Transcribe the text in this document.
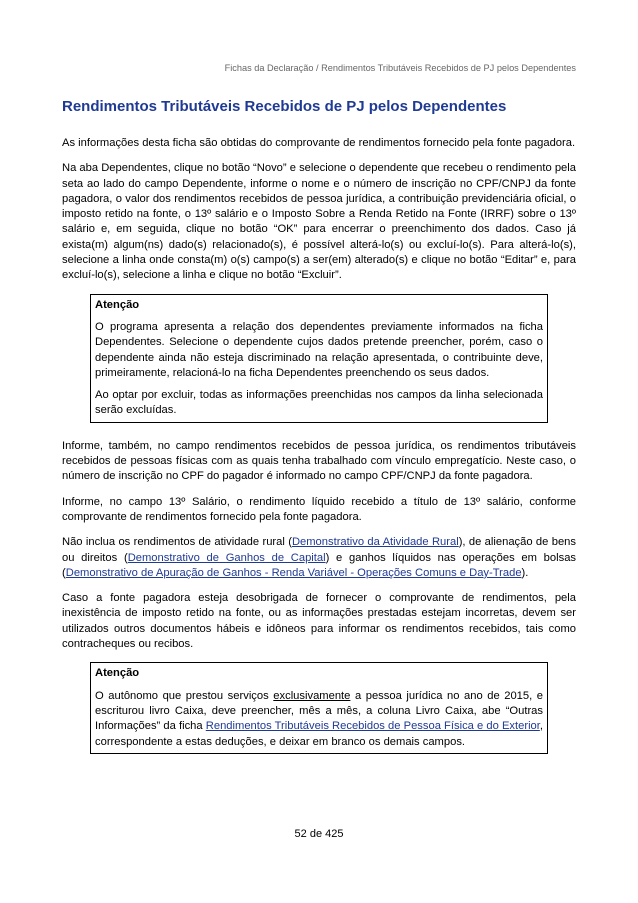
Fichas da Declaração / Rendimentos Tributáveis Recebidos de PJ pelos Dependentes
Rendimentos Tributáveis Recebidos de PJ pelos Dependentes

As informações desta ficha são obtidas do comprovante de rendimentos fornecido pela fonte pagadora.

Na aba Dependentes, clique no botão “Novo” e selecione o dependente que recebeu o rendimento pela seta ao lado do campo Dependente, informe o nome e o número de inscrição no CPF/CNPJ da fonte pagadora, o valor dos rendimentos recebidos de pessoa jurídica, a contribuição previdenciária oficial, o imposto retido na fonte, o 13º salário e o Imposto Sobre a Renda Retido na Fonte (IRRF) sobre o 13º salário e, em seguida, clique no botão “OK” para encerrar o preenchimento dos dados. Caso já exista(m) algum(ns) dado(s) relacionado(s), é possível alterá-lo(s) ou excluí-lo(s). Para alterá-lo(s), selecione a linha onde consta(m) o(s) campo(s) a ser(em) alterado(s) e clique no botão “Editar” e, para excluí-lo(s), selecione a linha e clique no botão “Excluir”.

Atenção

O programa apresenta a relação dos dependentes previamente informados na ficha Dependentes. Selecione o dependente cujos dados pretende preencher, porém, caso o dependente ainda não esteja discriminado na relação apresentada, o contribuinte deve, primeiramente, relacioná-lo na ficha Dependentes preenchendo os seus dados.

Ao optar por excluir, todas as informações preenchidas nos campos da linha selecionada serão excluídas.

Informe, também, no campo rendimentos recebidos de pessoa jurídica, os rendimentos tributáveis recebidos de pessoas físicas com as quais tenha trabalhado com vínculo empregatício. Neste caso, o número de inscrição no CPF do pagador é informado no campo CPF/CNPJ da fonte pagadora.

Informe, no campo 13º Salário, o rendimento líquido recebido a título de 13º salário, conforme comprovante de rendimentos fornecido pela fonte pagadora.

Não inclua os rendimentos de atividade rural (Demonstrativo da Atividade Rural), de alienação de bens ou direitos (Demonstrativo de Ganhos de Capital) e ganhos líquidos nas operações em bolsas (Demonstrativo de Apuração de Ganhos - Renda Variável - Operações Comuns e Day-Trade).

Caso a fonte pagadora esteja desobrigada de fornecer o comprovante de rendimentos, pela inexistência de imposto retido na fonte, ou as informações prestadas estejam incorretas, devem ser utilizados outros documentos hábeis e idôneos para informar os rendimentos recebidos, tais como contracheques ou recibos.

Atenção

O autônomo que prestou serviços exclusivamente a pessoa jurídica no ano de 2015, e escriturou livro Caixa, deve preencher, mês a mês, a coluna Livro Caixa, abe “Outras Informações” da ficha Rendimentos Tributáveis Recebidos de Pessoa Física e do Exterior, correspondente a estas deduções, e deixar em branco os demais campos.

52 de 425
